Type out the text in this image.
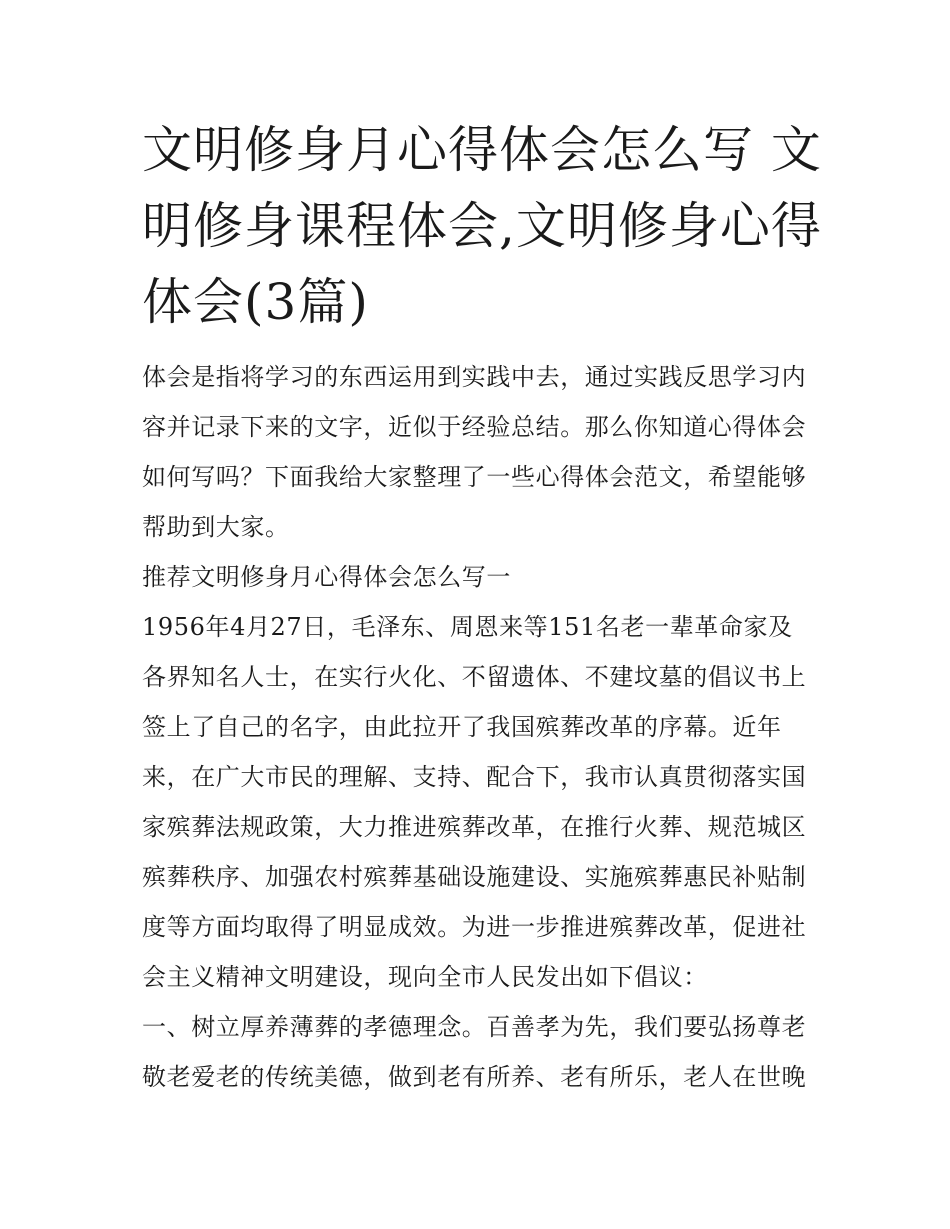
文明修身月心得体会怎么写 文明修身课程体会,文明修身心得体会(3篇)

体会是指将学习的东西运用到实践中去，通过实践反思学习内容并记录下来的文字，近似于经验总结。那么你知道心得体会如何写吗？下面我给大家整理了一些心得体会范文，希望能够帮助到大家。

推荐文明修身月心得体会怎么写一

1956年4月27日，毛泽东、周恩来等151名老一辈革命家及各界知名人士，在实行火化、不留遗体、不建坟墓的倡议书上签上了自己的名字，由此拉开了我国殡葬改革的序幕。近年来，在广大市民的理解、支持、配合下，我市认真贯彻落实国家殡葬法规政策，大力推进殡葬改革，在推行火葬、规范城区殡葬秩序、加强农村殡葬基础设施建设、实施殡葬惠民补贴制度等方面均取得了明显成效。为进一步推进殡葬改革，促进社会主义精神文明建设，现向全市人民发出如下倡议：

一、树立厚养薄葬的孝德理念。百善孝为先，我们要弘扬尊老敬老爱老的传统美德，做到老有所养、老有所乐，老人在世晚
